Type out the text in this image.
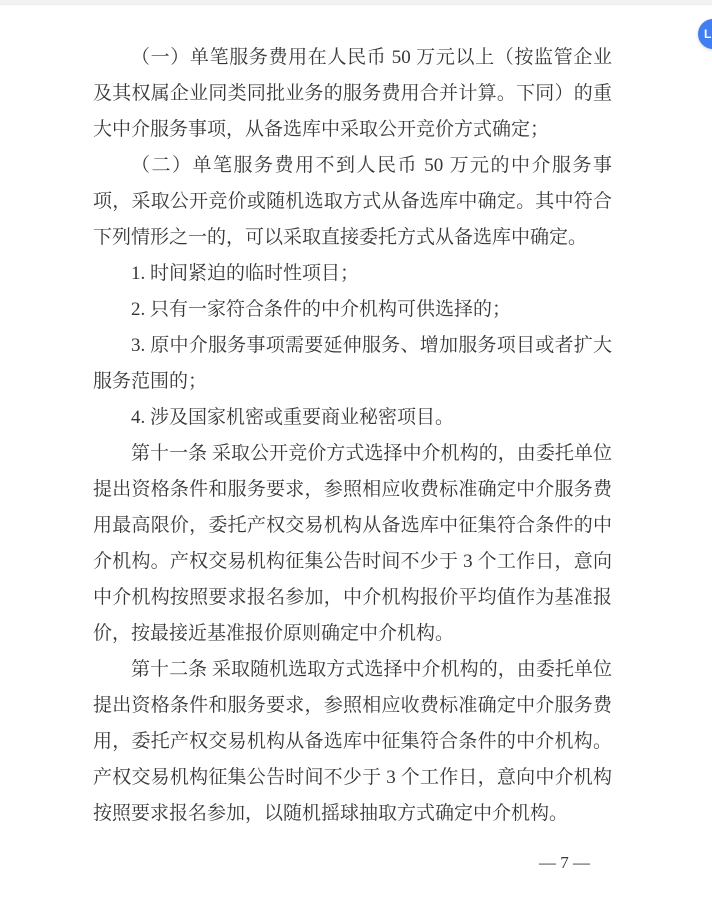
L

（一）单笔服务费用在人民币 50 万元以上（按监管企业及其权属企业同类同批业务的服务费用合并计算。下同）的重大中介服务事项，从备选库中采取公开竞价方式确定；

（二）单笔服务费用不到人民币 50 万元的中介服务事项，采取公开竞价或随机选取方式从备选库中确定。其中符合下列情形之一的，可以采取直接委托方式从备选库中确定。

1. 时间紧迫的临时性项目；

2. 只有一家符合条件的中介机构可供选择的；

3. 原中介服务事项需要延伸服务、增加服务项目或者扩大服务范围的；

4. 涉及国家机密或重要商业秘密项目。

第十一条 采取公开竞价方式选择中介机构的，由委托单位提出资格条件和服务要求，参照相应收费标准确定中介服务费用最高限价，委托产权交易机构从备选库中征集符合条件的中介机构。产权交易机构征集公告时间不少于 3 个工作日，意向中介机构按照要求报名参加，中介机构报价平均值作为基准报价，按最接近基准报价原则确定中介机构。

第十二条 采取随机选取方式选择中介机构的，由委托单位提出资格条件和服务要求，参照相应收费标准确定中介服务费用，委托产权交易机构从备选库中征集符合条件的中介机构。产权交易机构征集公告时间不少于 3 个工作日，意向中介机构按照要求报名参加，以随机摇球抽取方式确定中介机构。

— 7 —
